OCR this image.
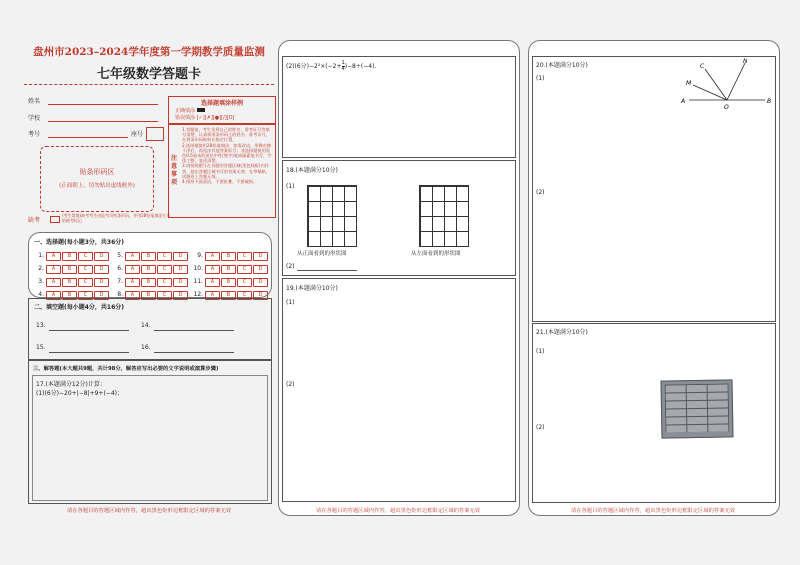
盘州市2023–2024学年度第一学期教学质量监测
七年级数学答题卡
姓名
学校
考号	座号
选择题填涂样例
正确填涂
错误填涂 [✓][✗][●][/][O]
注意事项
1.答题前，考生先将自己的姓名、准考证号等填写清楚，认真核准条形码上的姓名、准考证号，在将条形码粘贴在指定位置。
2.选择题使用2B铅笔填涂，如需改动，用橡皮擦干净后，再选涂其他答案标号；非选择题使用黑色0.5毫米的黑色中性(签字)笔或碳素笔书写，字体工整、笔迹清楚。
3.请按照题号在各题的答题区域(黑色线框)内作答，超出答题区域书写的答案无效；在草稿纸、试题卷上答题无效。
4.保持卡面清洁，不要折叠、不要破损。
贴条形码区
(正面朝上，切勿贴出虚线框外)
缺考
(考生禁填)缺考考生由监考员贴条形码，并用2B铅笔填涂左边的缺考标记
一、选择题(每小题3分，共36分)
1. A	B	C D
2. A	B	C D
3. A	B	C D
4. A	B	C D
5. A	B	C D
6. A	B	C D
7. A	B	C D
8. A	B	C D
9. A	B	C D
10. A	B	C D
11. A	B	C D
12. A	B	C D
二、填空题(每小题4分，共16分)
13.	14.
15.	16.
三、解答题(本大题共9题，共计98分，解答应写出必要的文字说明或演算步骤)
17.(本题满分12分)计算：
(1)(6分)−20+|−8|+9+(−4)；
请在各题目的答题区域内作答，超出黑色矩形边框限定区域的答案无效
(2)(6分)$-2^2\times(-2+ \frac{1}{4} )-8\div(-4)$.
18.(本题满分10分)
(1)
从正面看到的形状图	从左面看到的形状图
(2)
19.(本题满分10分)
(1)
(2)
请在各题目的答题区域内作答，超出黑色矩形边框限定区域的答案无效
20.(本题满分10分)
(1)
(2)
C
N
M
A
O
B
21.(本题满分10分)
(1)
(2)
请在各题目的答题区域内作答，超出黑色矩形边框限定区域的答案无效
